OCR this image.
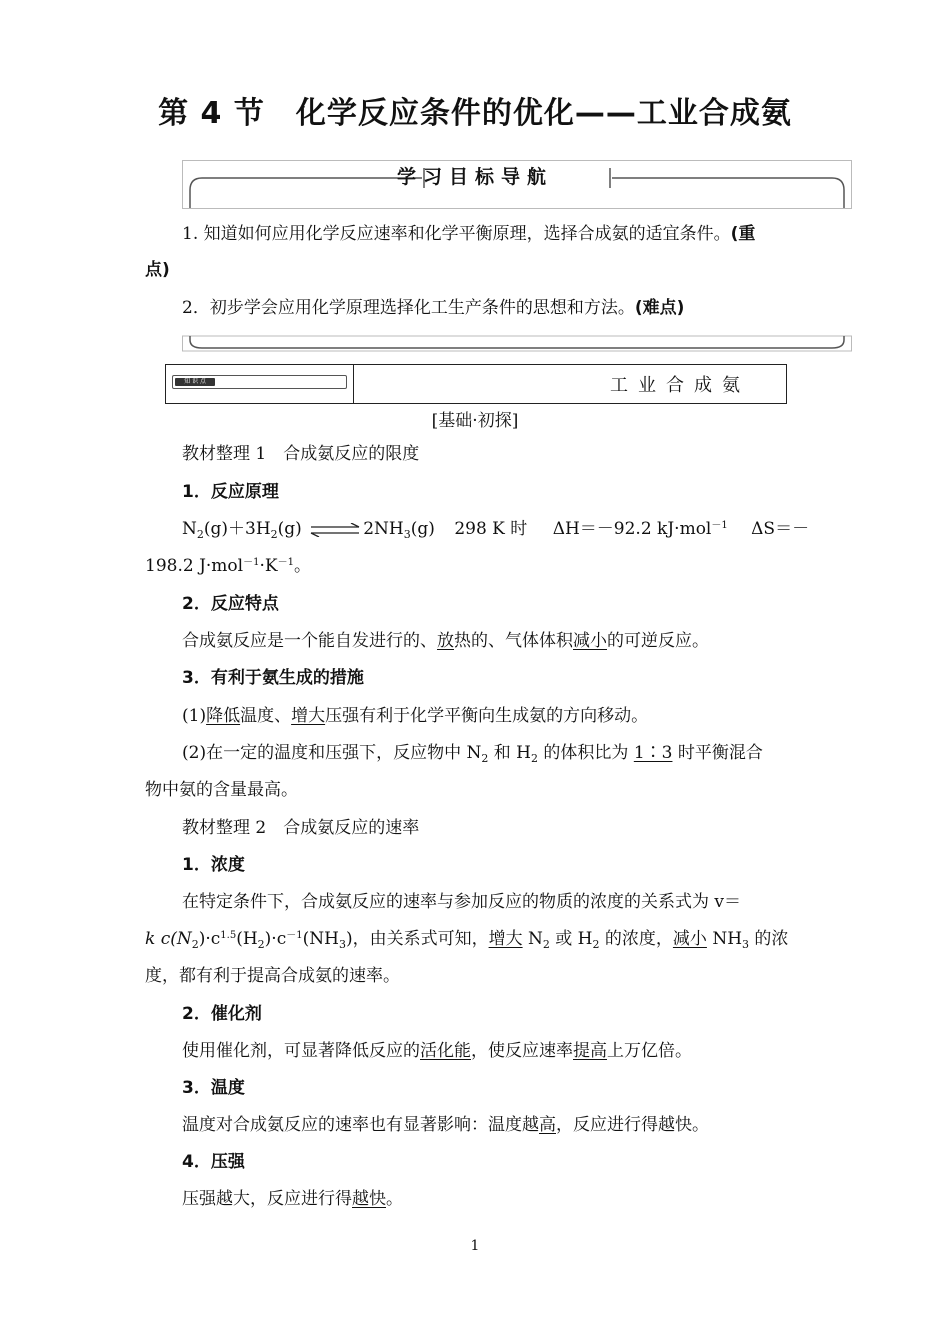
第 4 节　化学反应条件的优化——工业合成氨
学习目标导航
1. 知道如何应用化学反应速率和化学平衡原理，选择合成氨的适宜条件。(重
点)
2．初步学会应用化学原理选择化工生产条件的思想和方法。(难点)
知 识 点	工业合成氨
[基础·初探]
教材整理 1　合成氨反应的限度
1．反应原理
$N_2(g)+3H_2(g)$ ⇌ $2NH_3(g)$ 298 K 时 ΔH＝－92.2 kJ·mol$^{-1}$ ΔS＝－
198.2 $J\cdot mol^{-1}\cdot K^{-1}$。
2．反应特点
合成氨反应是一个能自发进行的、放热的、气体体积减小的可逆反应。
3．有利于氨生成的措施
(1)降低温度、增大压强有利于化学平衡向生成氨的方向移动。
(2)在一定的温度和压强下，反应物中 $N_2$ 和 $H_2$ 的体积比为 1∶3 时平衡混合
物中氨的含量最高。
教材整理 2　合成氨反应的速率
1．浓度
在特定条件下，合成氨反应的速率与参加反应的物质的浓度的关系式为 v＝
k $c(N_2)\cdot c^{1.5}(H_2)\cdot c^{-1}(NH_3)$，由关系式可知，增大 $N_2$ 或 $H_2$ 的浓度，减小 $NH_3$ 的浓
度，都有利于提高合成氨的速率。
2．催化剂
使用催化剂，可显著降低反应的活化能，使反应速率提高上万亿倍。
3．温度
温度对合成氨反应的速率也有显著影响：温度越高，反应进行得越快。
4．压强
压强越大，反应进行得越快。
1
